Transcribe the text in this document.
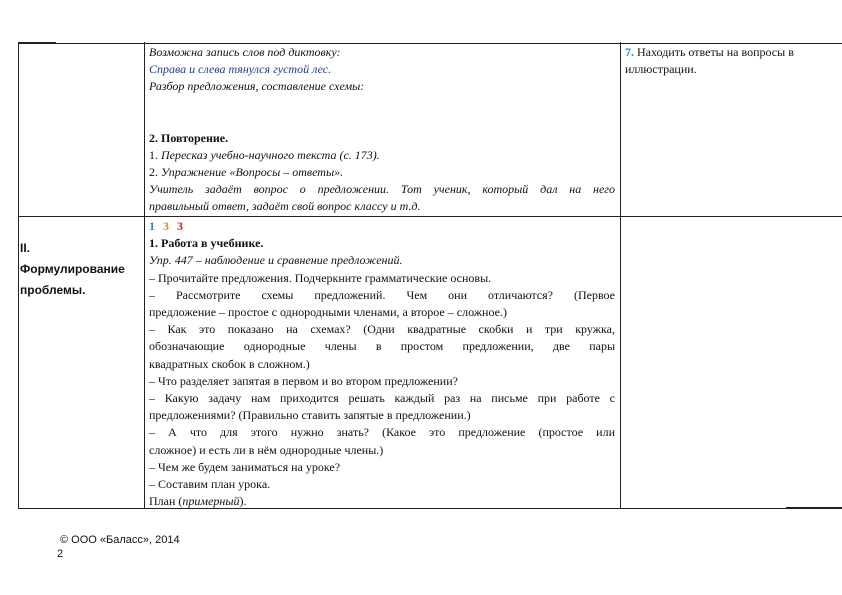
Возможна запись слов под диктовку:

Справа и слева тянулся густой лес.

Разбор предложения, составление схемы:

2. Повторение.

1. Пересказ учебно-научного текста (с. 173).

2. Упражнение «Вопросы – ответы».

Учитель задаёт вопрос о предложении. Тот ученик, который дал на него

правильный ответ, задаёт свой вопрос классу и т.д.

7. Находить ответы на вопросы в

иллюстрации.

II.
Формулирование
проблемы.

1 3 3

1. Работа в учебнике.

Упр. 447 – наблюдение и сравнение предложений.

– Прочитайте предложения. Подчеркните грамматические основы.

– Рассмотрите схемы предложений. Чем они отличаются? (Первое

предложение – простое с однородными членами, а второе – сложное.)

– Как это показано на схемах? (Одни квадратные скобки и три кружка,

обозначающие однородные члены в простом предложении, две пары

квадратных скобок в сложном.)

– Что разделяет запятая в первом и во втором предложении?

– Какую задачу нам приходится решать каждый раз на письме при работе с

предложениями? (Правильно ставить запятые в предложении.)

– А что для этого нужно знать? (Какое это предложение (простое или

сложное) и есть ли в нём однородные члены.)

– Чем же будем заниматься на уроке?

– Составим план урока.

План (примерный).

© ООО «Баласс», 2014
2
